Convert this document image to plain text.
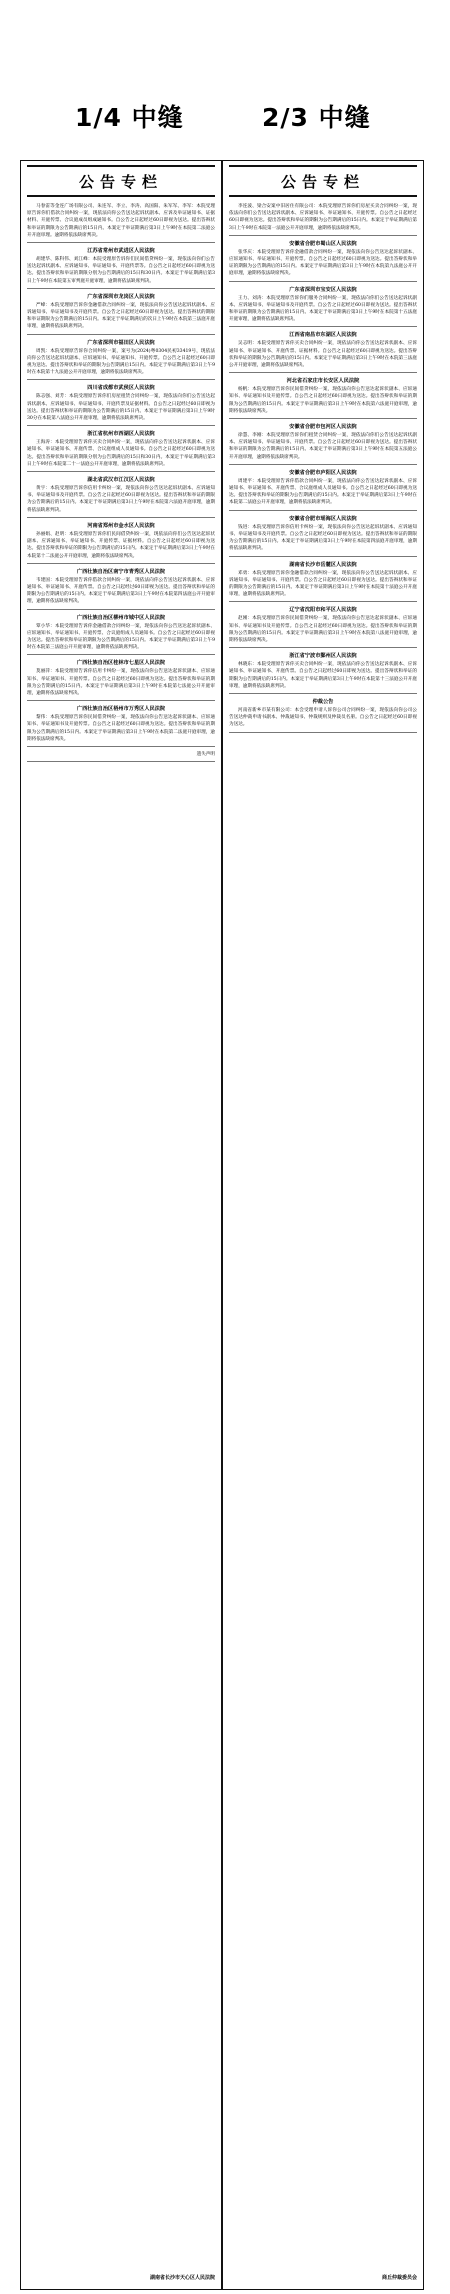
1/4 中缝	2/3 中缝
公告专栏

马春雷等金连广场有限公司、朱连军、李立、李涛、高国阳、朱军军、李军：本院受理原告诉你们借款合同纠纷一案，现依法向你公告送达起诉状副本、应诉及举证通知书、证据材料、开庭传票、合议庭成员组成通知书。自公告之日起经过60日即视为送达。提出答辩状和举证的期限为公告期满后的15日内。本案定于举证期满后第3日上午9时在本院第二法庭公开开庭审理。逾期将依法缺席判决。

江苏省常州市武进区人民法院

胡建华、陈科伟、刘江峰：本院受理原告诉你们民间借贷纠纷一案，现依法向你们公告送达起诉状副本、应诉通知书、举证通知书、开庭传票等。自公告之日起经过60日即视为送达。提出答辩状和举证的期限分别为公告期满后的15日和30日内。本案定于举证期满后第3日上午9时在本院第五审判庭开庭审理，逾期将依法缺席判决。

广东省深圳市龙岗区人民法院

严峰：本院受理原告诉你金融借款合同纠纷一案，现依法向你公告送达起诉状副本、应诉通知书、举证通知书及开庭传票。自公告之日起经过60日即视为送达。提出答辩状的期限和举证期限为公告期满后的15日内。本案定于举证期满后的次日上午9时在本院第三法庭开庭审理，逾期将依法缺席判决。

广东省深圳市福田区人民法院

周凯：本院受理原告诉你合同纠纷一案，案号为(2024)粤0304民初33419号，现依法向你公告送达起诉状副本、应诉通知书、举证通知书、开庭传票。自公告之日起经过60日即视为送达。提出答辩状和举证的期限为公告期满后15日内。本院定于举证期满后第3日上午9时在本院第十九法庭公开开庭审理，逾期将依法缺席判决。

四川省成都市武侯区人民法院

陈志强、刘芳：本院受理原告诉你们房屋租赁合同纠纷一案，现依法向你们公告送达起诉状副本、应诉通知书、举证通知书、开庭传票及证据材料。自公告之日起经过60日即视为送达。提出答辩状和举证的期限为公告期满后的15日内。本案定于举证期满后第3日上午9时30分在本院第八法庭公开开庭审理，逾期将依法缺席判决。

浙江省杭州市西湖区人民法院

王海涛：本院受理原告诉你买卖合同纠纷一案，现依法向你公告送达起诉状副本、应诉通知书、举证通知书、开庭传票、合议庭组成人员通知书。自公告之日起经过60日即视为送达。提出答辩状和举证的期限分别为公告期满后的15日和30日内。本案定于举证期满后第3日上午9时在本院第二十一法庭公开开庭审理，逾期将依法缺席判决。

湖北省武汉市江汉区人民法院

黄宇：本院受理原告诉你信用卡纠纷一案，现依法向你公告送达起诉状副本、应诉通知书、举证通知书及开庭传票。自公告之日起经过60日即视为送达。提出答辩状和举证的期限为公告期满后的15日内。本案定于举证期满后第3日上午9时在本院第六法庭开庭审理，逾期将依法缺席判决。

河南省郑州市金水区人民法院

孙丽娟、赵明：本院受理原告诉你们民间借贷纠纷一案，现依法向你们公告送达起诉状副本、应诉通知书、举证通知书、开庭传票、证据材料。自公告之日起经过60日即视为送达。提出答辩状和举证的期限为公告期满后的15日内。本案定于举证期满后第3日上午9时在本院第十二法庭公开开庭审理，逾期将依法缺席判决。

广西壮族自治区南宁市青秀区人民法院

韦建国：本院受理原告诉你借款合同纠纷一案，现依法向你公告送达起诉状副本、应诉通知书、举证通知书、开庭传票。自公告之日起经过60日即视为送达。提出答辩状和举证的期限为公告期满后的15日内。本案定于举证期满后第3日上午9时在本院第四法庭公开开庭审理，逾期将依法缺席判决。

广西壮族自治区柳州市城中区人民法院

覃小华：本院受理原告诉你金融借款合同纠纷一案，现依法向你公告送达起诉状副本、应诉通知书、举证通知书、开庭传票、合议庭组成人员通知书。自公告之日起经过60日即视为送达。提出答辩状和举证的期限为公告期满后的15日内。本案定于举证期满后第3日上午9时在本院第三法庭公开开庭审理，逾期将依法缺席判决。

广西壮族自治区桂林市七星区人民法院

莫丽萍：本院受理原告诉你信用卡纠纷一案，现依法向你公告送达起诉状副本、应诉通知书、举证通知书、开庭传票。自公告之日起经过60日即视为送达。提出答辩状和举证的期限为公告期满后的15日内。本案定于举证期满后第3日上午9时在本院第七法庭公开开庭审理，逾期将依法缺席判决。

广西壮族自治区梧州市万秀区人民法院

黎伟：本院受理原告诉你民间借贷纠纷一案，现依法向你公告送达起诉状副本、应诉通知书、举证通知书及开庭传票。自公告之日起经过60日即视为送达。提出答辩状和举证的期限为公告期满后的15日内。本案定于举证期满后第3日上午9时在本院第二法庭开庭审理，逾期将依法缺席判决。

遗失声明

湖南省长沙市天心区人民法院
公告专栏

李连波、梁合安案中旧居住有限公司：本院受理原告诉你们房屋买卖合同纠纷一案，现依法向你们公告送达起诉状副本、应诉通知书、举证通知书、开庭传票。自公告之日起经过60日即视为送达。提出答辩状和举证的期限为公告期满后的15日内。本案定于举证期满后第3日上午9时在本院第一法庭公开开庭审理，逾期将依法缺席判决。

安徽省合肥市蜀山区人民法院

张华庆：本院受理原告诉你金融借款合同纠纷一案，现依法向你公告送达起诉状副本、应诉通知书、举证通知书、开庭传票。自公告之日起经过60日即视为送达。提出答辩状和举证的期限为公告期满后的15日内。本案定于举证期满后第3日上午9时在本院第九法庭公开开庭审理，逾期将依法缺席判决。

广东省深圳市宝安区人民法院

王力、刘涛：本院受理原告诉你们服务合同纠纷一案，现依法向你们公告送达起诉状副本、应诉通知书、举证通知书及开庭传票。自公告之日起经过60日即视为送达。提出答辩状和举证的期限为公告期满后的15日内。本案定于举证期满后第3日上午9时在本院第十五法庭开庭审理，逾期将依法缺席判决。

江西省南昌市东湖区人民法院

吴志明：本院受理原告诉你买卖合同纠纷一案，现依法向你公告送达起诉状副本、应诉通知书、举证通知书、开庭传票、证据材料。自公告之日起经过60日即视为送达。提出答辩状和举证的期限为公告期满后的15日内。本案定于举证期满后第3日上午9时在本院第三法庭公开开庭审理，逾期将依法缺席判决。

河北省石家庄市长安区人民法院

杨帆：本院受理原告诉你民间借贷纠纷一案，现依法向你公告送达起诉状副本、应诉通知书、举证通知书及开庭传票。自公告之日起经过60日即视为送达。提出答辩状和举证的期限为公告期满后的15日内。本案定于举证期满后第3日上午9时在本院第六法庭开庭审理，逾期将依法缺席判决。

安徽省合肥市包河区人民法院

徐慧、李刚：本院受理原告诉你们租赁合同纠纷一案，现依法向你们公告送达起诉状副本、应诉通知书、举证通知书、开庭传票。自公告之日起经过60日即视为送达。提出答辩状和举证的期限为公告期满后的15日内。本案定于举证期满后第3日上午9时在本院第五法庭公开开庭审理，逾期将依法缺席判决。

安徽省合肥市庐阳区人民法院

周建平：本院受理原告诉你借款合同纠纷一案，现依法向你公告送达起诉状副本、应诉通知书、举证通知书、开庭传票、合议庭组成人员通知书。自公告之日起经过60日即视为送达。提出答辩状和举证的期限为公告期满后的15日内。本案定于举证期满后第3日上午9时在本院第二法庭公开开庭审理，逾期将依法缺席判决。

安徽省合肥市瑶海区人民法院

钱进：本院受理原告诉你信用卡纠纷一案，现依法向你公告送达起诉状副本、应诉通知书、举证通知书及开庭传票。自公告之日起经过60日即视为送达。提出答辩状和举证的期限为公告期满后的15日内。本案定于举证期满后第3日上午9时在本院第四法庭开庭审理，逾期将依法缺席判决。

湖南省长沙市岳麓区人民法院

邓勇：本院受理原告诉你金融借款合同纠纷一案，现依法向你公告送达起诉状副本、应诉通知书、举证通知书、开庭传票。自公告之日起经过60日即视为送达。提出答辩状和举证的期限为公告期满后的15日内。本案定于举证期满后第3日上午9时在本院第十法庭公开开庭审理，逾期将依法缺席判决。

辽宁省沈阳市和平区人民法院

赵刚：本院受理原告诉你民间借贷纠纷一案，现依法向你公告送达起诉状副本、应诉通知书、举证通知书及开庭传票。自公告之日起经过60日即视为送达。提出答辩状和举证的期限为公告期满后的15日内。本案定于举证期满后第3日上午9时在本院第八法庭开庭审理，逾期将依法缺席判决。

浙江省宁波市鄞州区人民法院

林晓东：本院受理原告诉你买卖合同纠纷一案，现依法向你公告送达起诉状副本、应诉通知书、举证通知书、开庭传票。自公告之日起经过60日即视为送达。提出答辩状和举证的期限为公告期满后的15日内。本案定于举证期满后第3日上午9时在本院第十三法庭公开开庭审理，逾期将依法缺席判决。

仲裁公告

河南省新乡市某有限公司：本会受理申请人诉你公司合同纠纷一案，现依法向你公司公告送达仲裁申请书副本、仲裁通知书、仲裁规则及仲裁员名册。自公告之日起经过60日即视为送达。

商丘仲裁委员会
